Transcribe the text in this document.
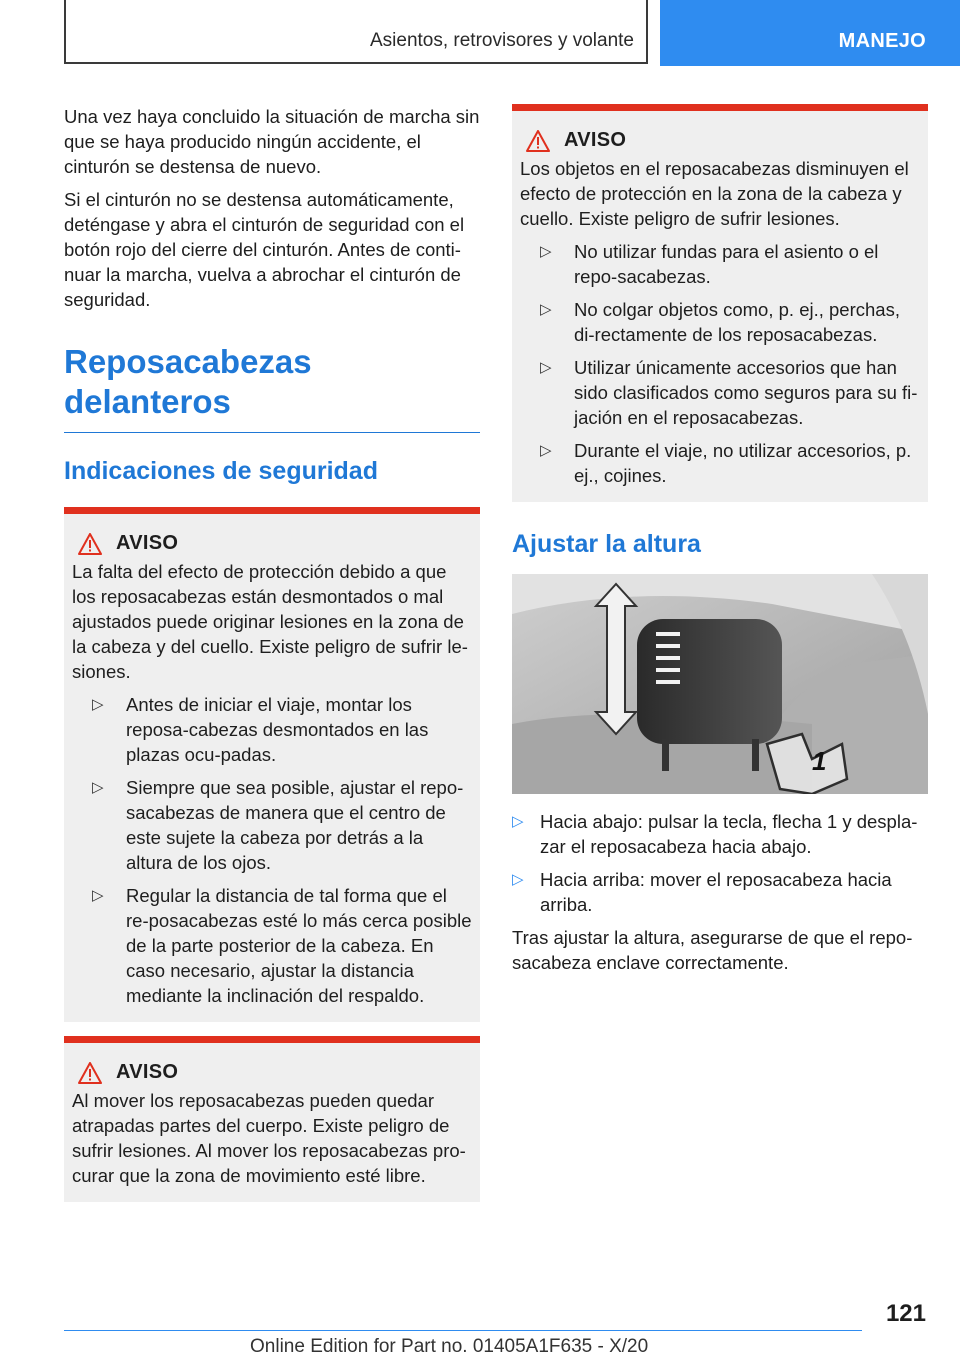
Asientos, retrovisores y volante	MANEJO

Una vez haya concluido la situación de marcha sin que se haya producido ningún accidente, el cinturón se destensa de nuevo.

Si el cinturón no se destensa automáticamente, deténgase y abra el cinturón de seguridad con el botón rojo del cierre del cinturón. Antes de conti-nuar la marcha, vuelva a abrochar el cinturón de seguridad.

Reposacabezas delanteros
Indicaciones de seguridad
AVISO

La falta del efecto de protección debido a que los reposacabezas están desmontados o mal ajustados puede originar lesiones en la zona de la cabeza y del cuello. Existe peligro de sufrir le-siones.

▷	Antes de iniciar el viaje, montar los reposa-cabezas desmontados en las plazas ocu-padas.
▷	Siempre que sea posible, ajustar el repo-sacabezas de manera que el centro de este sujete la cabeza por detrás a la altura de los ojos.
▷	Regular la distancia de tal forma que el re-posacabezas esté lo más cerca posible de la parte posterior de la cabeza. En caso necesario, ajustar la distancia mediante la inclinación del respaldo.
AVISO

Al mover los reposacabezas pueden quedar atrapadas partes del cuerpo. Existe peligro de sufrir lesiones. Al mover los reposacabezas pro-curar que la zona de movimiento esté libre.

AVISO

Los objetos en el reposacabezas disminuyen el efecto de protección en la zona de la cabeza y cuello. Existe peligro de sufrir lesiones.

▷	No utilizar fundas para el asiento o el repo-sacabezas.
▷	No colgar objetos como, p. ej., perchas, di-rectamente de los reposacabezas.
▷	Utilizar únicamente accesorios que han sido clasificados como seguros para su fi-jación en el reposacabezas.
▷	Durante el viaje, no utilizar accesorios, p. ej., cojines.
Ajustar la altura
1
▷ Hacia abajo: pulsar la tecla, flecha 1 y despla-zar el reposacabeza hacia abajo.
▷ Hacia arriba: mover el reposacabeza hacia arriba.

Tras ajustar la altura, asegurarse de que el repo-sacabeza enclave correctamente.

121
Online Edition for Part no. 01405A1F635 - X/20
